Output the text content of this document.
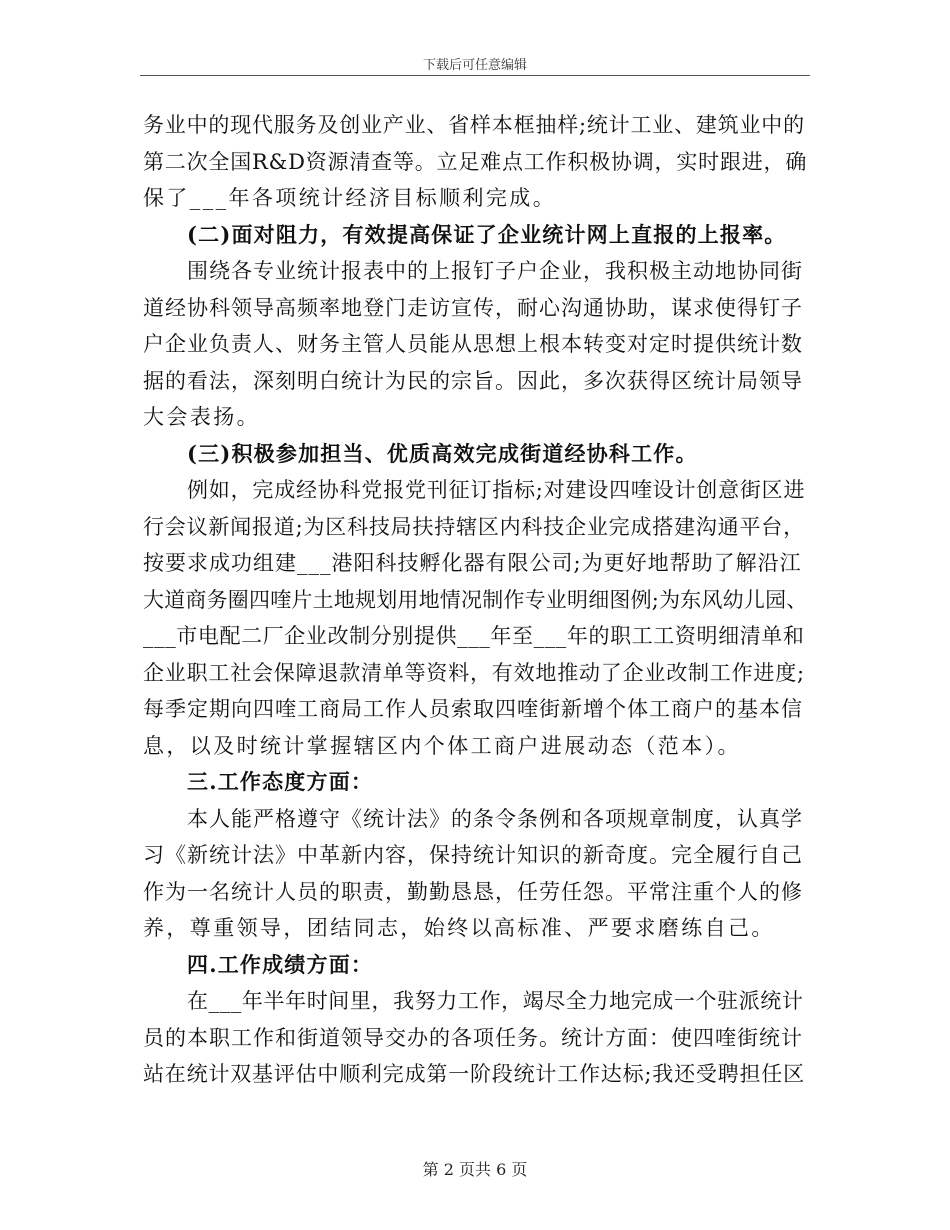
下载后可任意编辑
务业中的现代服务及创业产业、省样本框抽样;统计工业、建筑业中的
第二次全国R&D资源清查等。立足难点工作积极协调，实时跟进，确
保了___年各项统计经济目标顺利完成。
(二)面对阻力，有效提高保证了企业统计网上直报的上报率。
围绕各专业统计报表中的上报钉子户企业，我积极主动地协同街
道经协科领导高频率地登门走访宣传，耐心沟通协助，谋求使得钉子
户企业负责人、财务主管人员能从思想上根本转变对定时提供统计数
据的看法，深刻明白统计为民的宗旨。因此，多次获得区统计局领导
大会表扬。
(三)积极参加担当、优质高效完成街道经协科工作。
例如，完成经协科党报党刊征订指标;对建设四喹设计创意街区进
行会议新闻报道;为区科技局扶持辖区内科技企业完成搭建沟通平台，
按要求成功组建___港阳科技孵化器有限公司;为更好地帮助了解沿江
大道商务圈四喹片土地规划用地情况制作专业明细图例;为东风幼儿园、
___市电配二厂企业改制分别提供___年至___年的职工工资明细清单和
企业职工社会保障退款清单等资料，有效地推动了企业改制工作进度;
每季定期向四喹工商局工作人员索取四喹街新增个体工商户的基本信
息，以及时统计掌握辖区内个体工商户进展动态（范本）。
三.工作态度方面：
本人能严格遵守《统计法》的条令条例和各项规章制度，认真学
习《新统计法》中革新内容，保持统计知识的新奇度。完全履行自己
作为一名统计人员的职责，勤勤恳恳，任劳任怨。平常注重个人的修
养，尊重领导，团结同志，始终以高标准、严要求磨练自己。
四.工作成绩方面：
在___年半年时间里，我努力工作，竭尽全力地完成一个驻派统计
员的本职工作和街道领导交办的各项任务。统计方面：使四喹街统计
站在统计双基评估中顺利完成第一阶段统计工作达标;我还受聘担任区
第 2 页共 6 页
